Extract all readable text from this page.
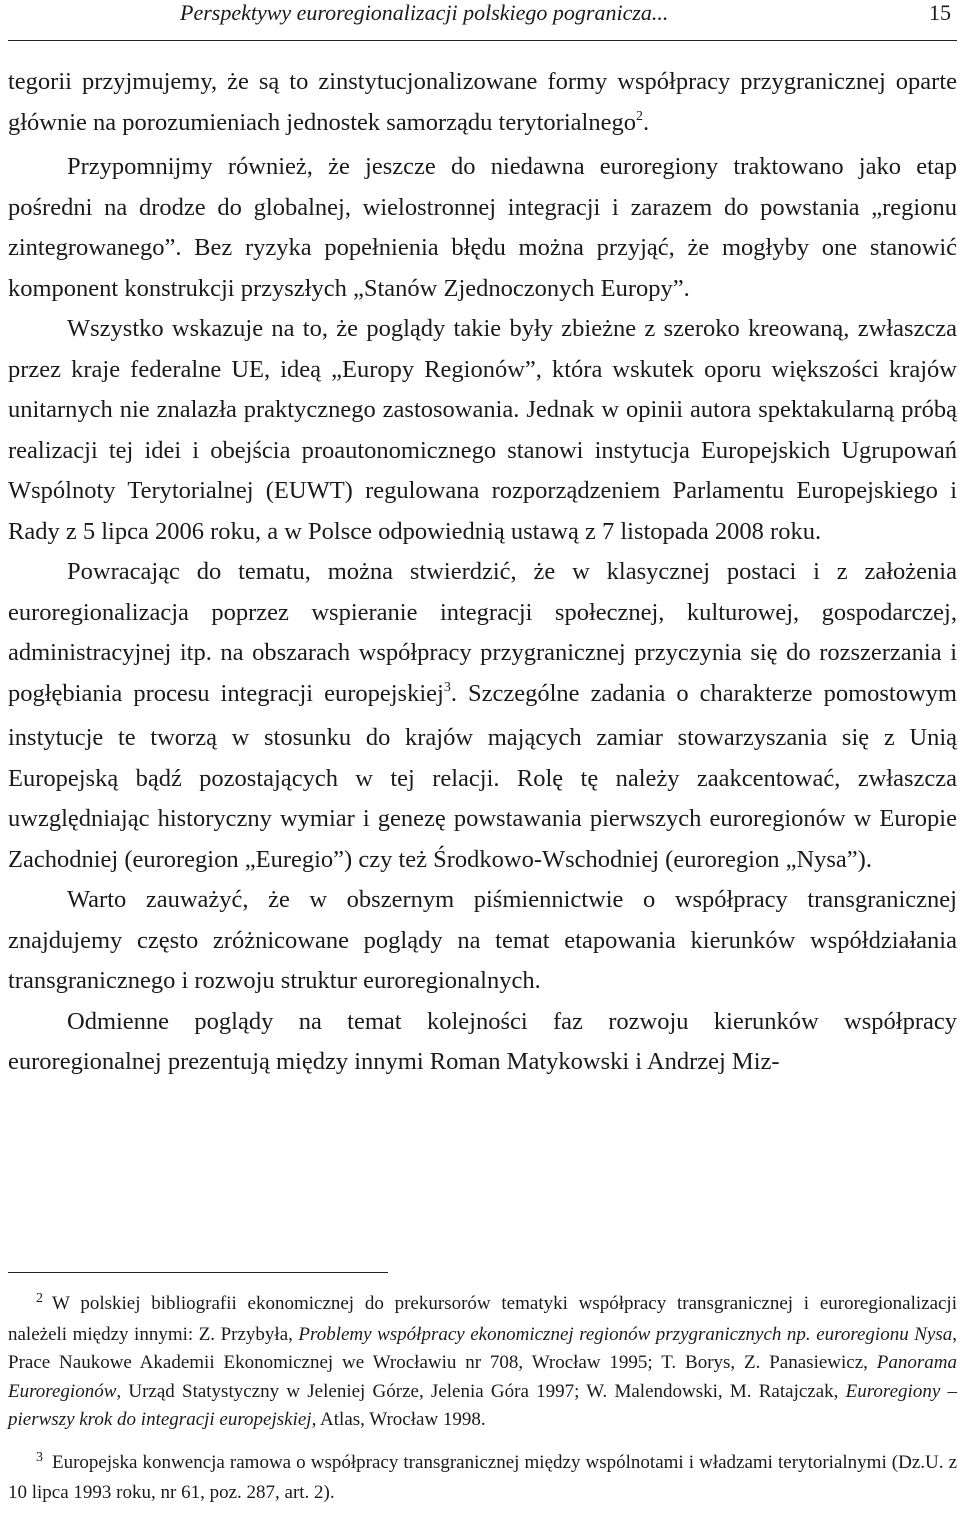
Perspektywy euroregionalizacji polskiego pogranicza...	15

tegorii przyjmujemy, że są to zinstytucjonalizowane formy współpracy przygranicznej oparte głównie na porozumieniach jednostek samorządu terytorialnego$^2$.

Przypomnijmy również, że jeszcze do niedawna euroregiony traktowano jako etap pośredni na drodze do globalnej, wielostronnej integracji i zarazem do powstania „regionu zintegrowanego”. Bez ryzyka popełnienia błędu można przyjąć, że mogłyby one stanowić komponent konstrukcji przyszłych „Stanów Zjednoczonych Europy”.

Wszystko wskazuje na to, że poglądy takie były zbieżne z szeroko kreowaną, zwłaszcza przez kraje federalne UE, ideą „Europy Regionów”, która wskutek oporu większości krajów unitarnych nie znalazła praktycznego zastosowania. Jednak w opinii autora spektakularną próbą realizacji tej idei i obejścia proautonomicznego stanowi instytucja Europejskich Ugrupowań Wspólnoty Terytorialnej (EUWT) regulowana rozporządzeniem Parlamentu Europejskiego i Rady z 5 lipca 2006 roku, a w Polsce odpowiednią ustawą z 7 listopada 2008 roku.

Powracając do tematu, można stwierdzić, że w klasycznej postaci i z założenia euroregionalizacja poprzez wspieranie integracji społecznej, kulturowej, gospodarczej, administracyjnej itp. na obszarach współpracy przygranicznej przyczynia się do rozszerzania i pogłębiania procesu integracji europejskiej$^3$. Szczególne zadania o charakterze pomostowym instytucje te tworzą w stosunku do krajów mających zamiar stowarzyszania się z Unią Europejską bądź pozostających w tej relacji. Rolę tę należy zaakcentować, zwłaszcza uwzględniając historyczny wymiar i genezę powstawania pierwszych euroregionów w Europie Zachodniej (euroregion „Euregio”) czy też Środkowo-Wschodniej (euroregion „Nysa”).

Warto zauważyć, że w obszernym piśmiennictwie o współpracy transgranicznej znajdujemy często zróżnicowane poglądy na temat etapowania kierunków współdziałania transgranicznego i rozwoju struktur euroregionalnych.

Odmienne poglądy na temat kolejności faz rozwoju kierunków współpracy euroregionalnej prezentują między innymi Roman Matykowski i Andrzej Miz-

$^2$ W polskiej bibliografii ekonomicznej do prekursorów tematyki współpracy transgranicznej i euroregionalizacji należeli między innymi: Z. Przybyła, Problemy współpracy ekonomicznej regionów przygranicznych np. euroregionu Nysa, Prace Naukowe Akademii Ekonomicznej we Wrocławiu nr 708, Wrocław 1995; T. Borys, Z. Panasiewicz, Panorama Euroregionów, Urząd Statystyczny w Jeleniej Górze, Jelenia Góra 1997; W. Malendowski, M. Ratajczak, Euroregiony – pierwszy krok do integracji europejskiej, Atlas, Wrocław 1998.

$^3$ Europejska konwencja ramowa o współpracy transgranicznej między wspólnotami i władzami terytorialnymi (Dz.U. z 10 lipca 1993 roku, nr 61, poz. 287, art. 2).
